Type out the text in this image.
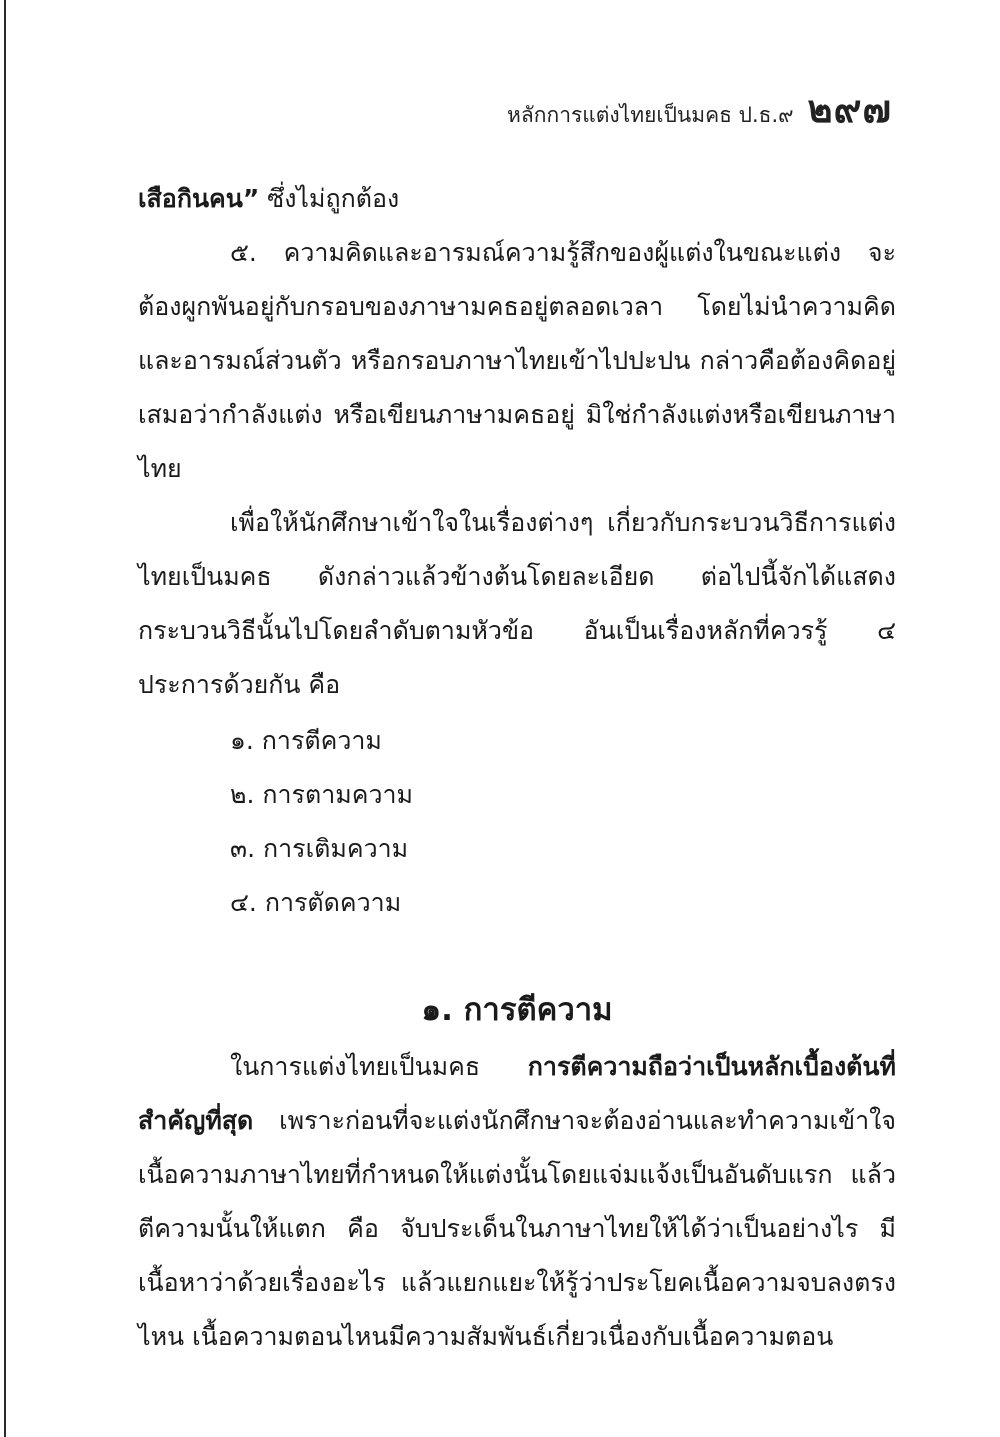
หลักการแต่งไทยเป็นมคธ ป.ธ.๙ ๒๙๗

เสือกินคน” ซึ่งไม่ถูกต้อง

๕. ความคิดและอารมณ์ความรู้สึกของผู้แต่งในขณะแต่ง จะต้องผูกพันอยู่กับกรอบของภาษามคธอยู่ตลอดเวลา โดยไม่นำความคิดและอารมณ์ส่วนตัว หรือกรอบภาษาไทยเข้าไปปะปน กล่าวคือต้องคิดอยู่เสมอว่ากำลังแต่ง หรือเขียนภาษามคธอยู่ มิใช่กำลังแต่งหรือเขียนภาษาไทย

เพื่อให้นักศึกษาเข้าใจในเรื่องต่างๆ เกี่ยวกับกระบวนวิธีการแต่งไทยเป็นมคธ ดังกล่าวแล้วข้างต้นโดยละเอียด ต่อไปนี้จักได้แสดงกระบวนวิธีนั้นไปโดยลำดับตามหัวข้อ อันเป็นเรื่องหลักที่ควรรู้ ๔ ประการด้วยกัน คือ

๑. การตีความ
๒. การตามความ
๓. การเติมความ
๔. การตัดความ
๑. การตีความ

ในการแต่งไทยเป็นมคธ การตีความถือว่าเป็นหลักเบื้องต้นที่สำคัญที่สุด เพราะก่อนที่จะแต่งนักศึกษาจะต้องอ่านและทำความเข้าใจเนื้อความภาษาไทยที่กำหนดให้แต่งนั้นโดยแจ่มแจ้งเป็นอันดับแรก แล้วตีความนั้นให้แตก คือ จับประเด็นในภาษาไทยให้ได้ว่าเป็นอย่างไร มีเนื้อหาว่าด้วยเรื่องอะไร แล้วแยกแยะให้รู้ว่าประโยคเนื้อความจบลงตรงไหน เนื้อความตอนไหนมีความสัมพันธ์เกี่ยวเนื่องกับเนื้อความตอน
